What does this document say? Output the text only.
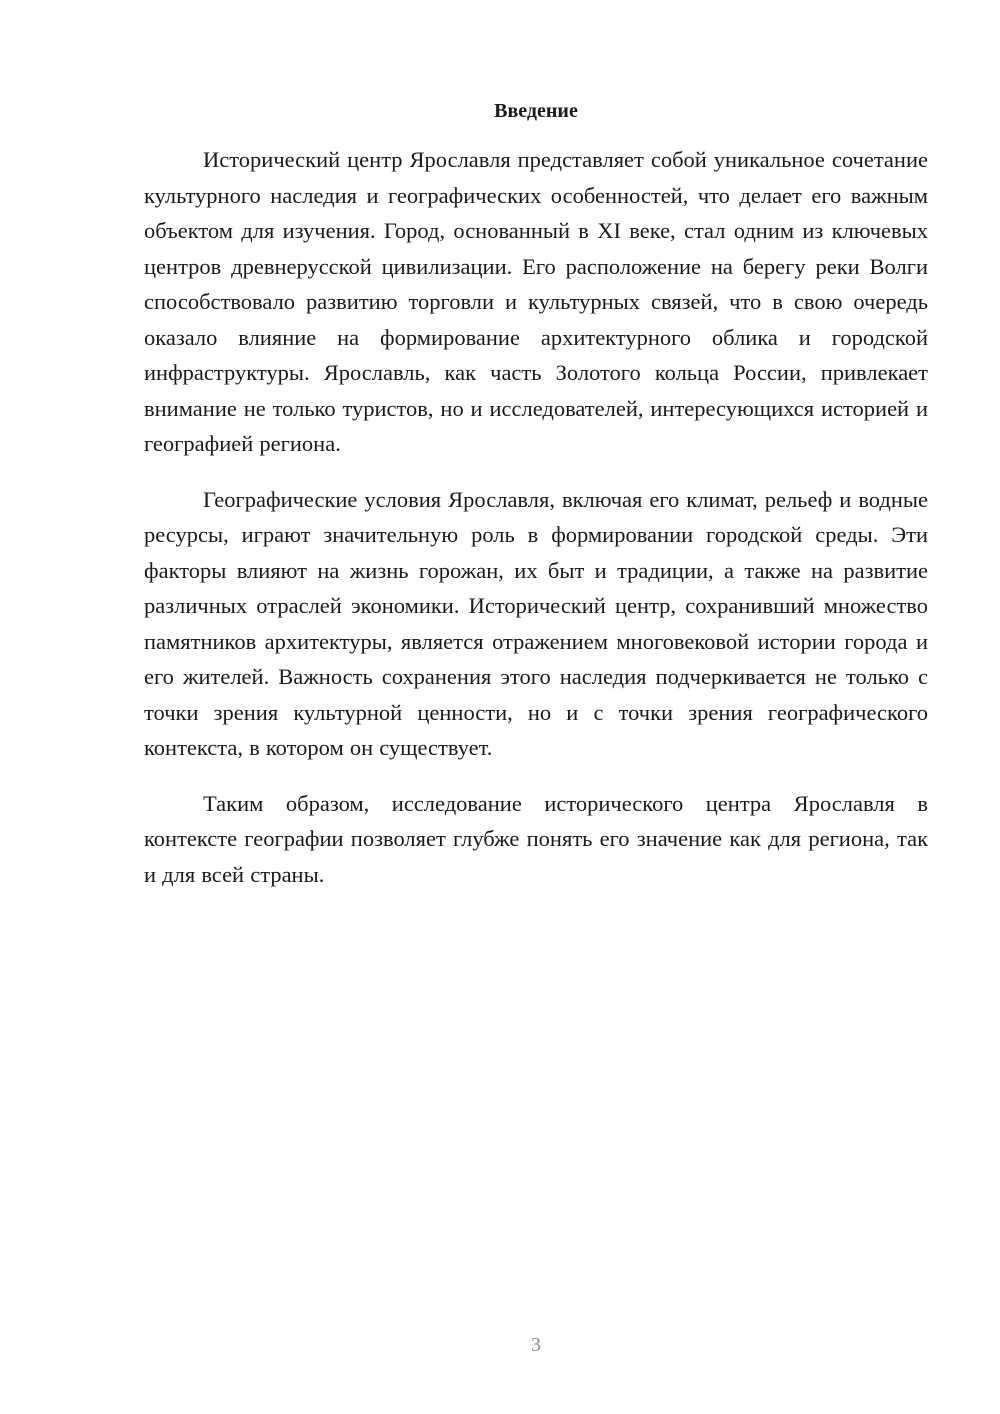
Введение

Исторический центр Ярославля представляет собой уникальное сочетание культурного наследия и географических особенностей, что делает его важным объектом для изучения. Город, основанный в XI веке, стал одним из ключевых центров древнерусской цивилизации. Его расположение на берегу реки Волги способствовало развитию торговли и культурных связей, что в свою очередь оказало влияние на формирование архитектурного облика и городской инфраструктуры. Ярославль, как часть Золотого кольца России, привлекает внимание не только туристов, но и исследователей, интересующихся историей и географией региона.

Географические условия Ярославля, включая его климат, рельеф и водные ресурсы, играют значительную роль в формировании городской среды. Эти факторы влияют на жизнь горожан, их быт и традиции, а также на развитие различных отраслей экономики. Исторический центр, сохранивший множество памятников архитектуры, является отражением многовековой истории города и его жителей. Важность сохранения этого наследия подчеркивается не только с точки зрения культурной ценности, но и с точки зрения географического контекста, в котором он существует.

Таким образом, исследование исторического центра Ярославля в контексте географии позволяет глубже понять его значение как для региона, так и для всей страны.

3
